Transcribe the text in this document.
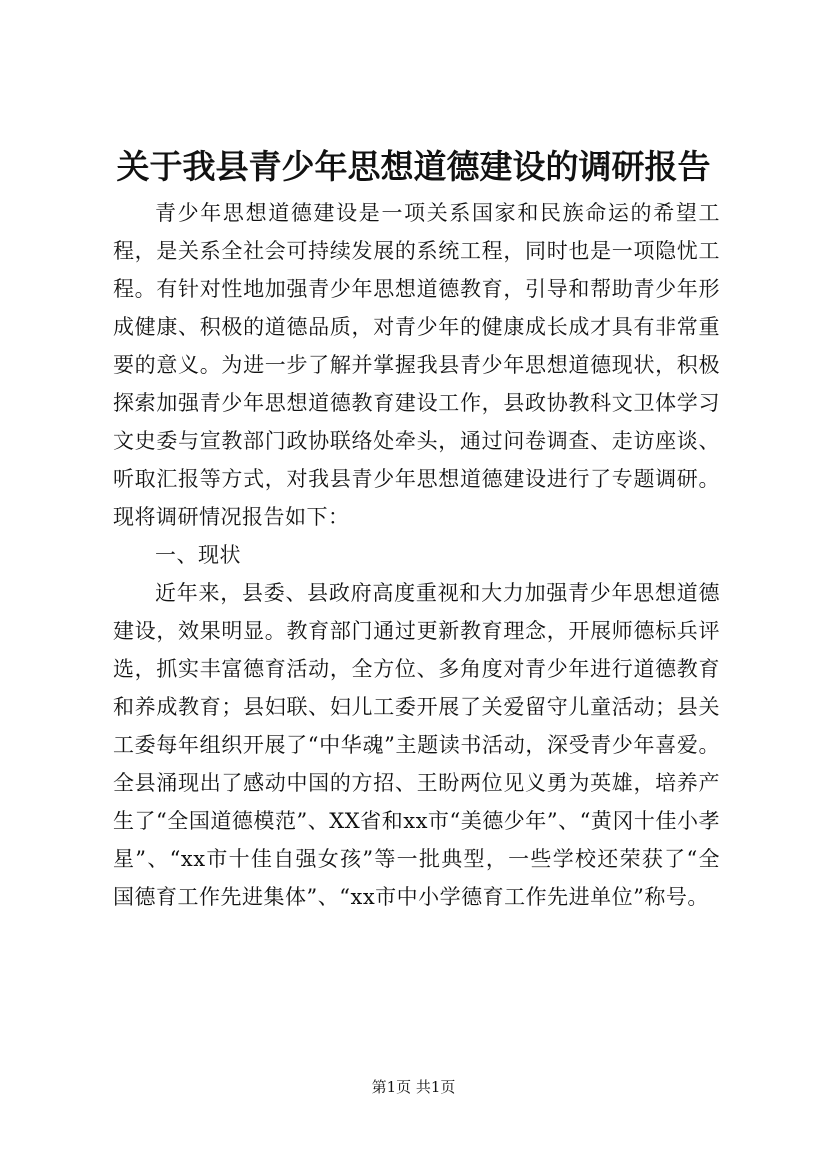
关于我县青少年思想道德建设的调研报告

青少年思想道德建设是一项关系国家和民族命运的希望工程，是关系全社会可持续发展的系统工程，同时也是一项隐忧工程。有针对性地加强青少年思想道德教育，引导和帮助青少年形成健康、积极的道德品质，对青少年的健康成长成才具有非常重要的意义。为进一步了解并掌握我县青少年思想道德现状，积极探索加强青少年思想道德教育建设工作，县政协教科文卫体学习文史委与宣教部门政协联络处牵头，通过问卷调查、走访座谈、听取汇报等方式，对我县青少年思想道德建设进行了专题调研。现将调研情况报告如下：

一、现状

近年来，县委、县政府高度重视和大力加强青少年思想道德建设，效果明显。教育部门通过更新教育理念，开展师德标兵评选，抓实丰富德育活动，全方位、多角度对青少年进行道德教育和养成教育；县妇联、妇儿工委开展了关爱留守儿童活动；县关工委每年组织开展了“中华魂”主题读书活动，深受青少年喜爱。全县涌现出了感动中国的方招、王盼两位见义勇为英雄，培养产生了“全国道德模范”、XX省和xx市“美德少年”、“黄冈十佳小孝星”、“xx市十佳自强女孩”等一批典型，一些学校还荣获了“全国德育工作先进集体”、“xx市中小学德育工作先进单位”称号。

第1页 共1页
